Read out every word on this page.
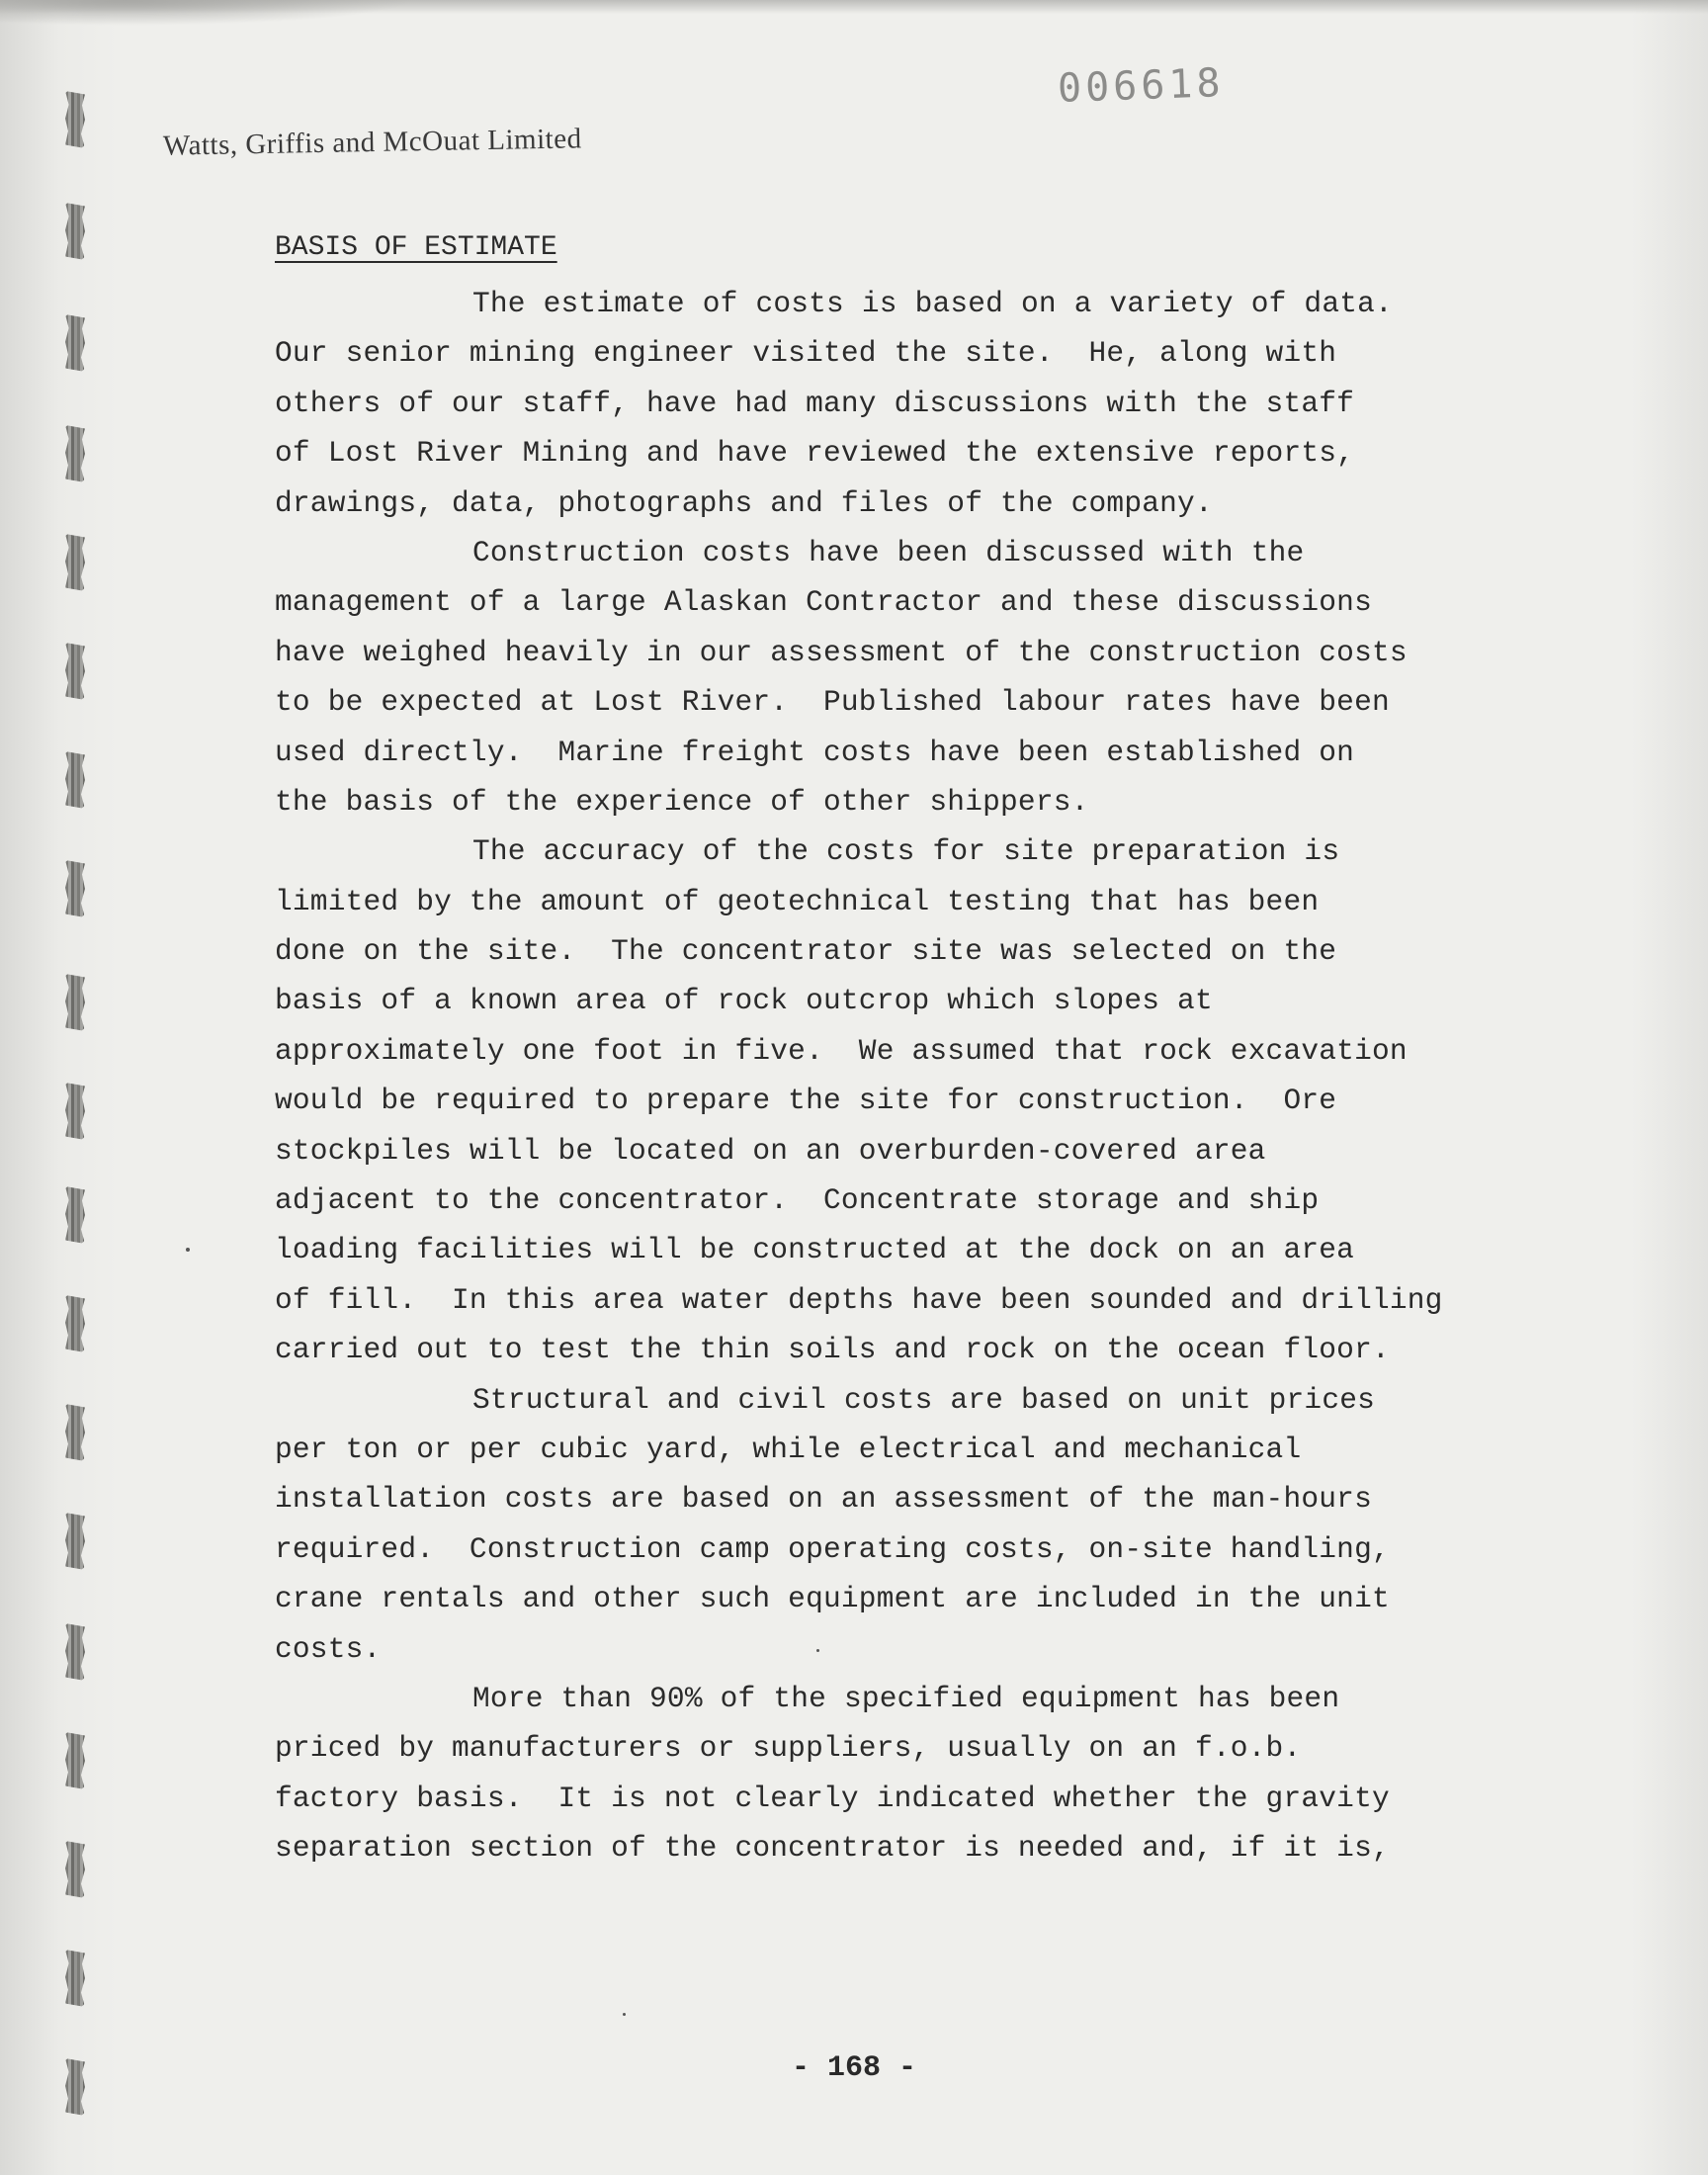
006618
Watts, Griffis and McOuat Limited
BASIS OF ESTIMATE
The estimate of costs is based on a variety of data.
Our senior mining engineer visited the site.  He, along with
others of our staff, have had many discussions with the staff
of Lost River Mining and have reviewed the extensive reports,
drawings, data, photographs and files of the company.
Construction costs have been discussed with the
management of a large Alaskan Contractor and these discussions
have weighed heavily in our assessment of the construction costs
to be expected at Lost River.  Published labour rates have been
used directly.  Marine freight costs have been established on
the basis of the experience of other shippers.
The accuracy of the costs for site preparation is
limited by the amount of geotechnical testing that has been
done on the site.  The concentrator site was selected on the
basis of a known area of rock outcrop which slopes at
approximately one foot in five.  We assumed that rock excavation
would be required to prepare the site for construction.  Ore
stockpiles will be located on an overburden-covered area
adjacent to the concentrator.  Concentrate storage and ship
loading facilities will be constructed at the dock on an area
of fill.  In this area water depths have been sounded and drilling
carried out to test the thin soils and rock on the ocean floor.
Structural and civil costs are based on unit prices
per ton or per cubic yard, while electrical and mechanical
installation costs are based on an assessment of the man-hours
required.  Construction camp operating costs, on-site handling,
crane rentals and other such equipment are included in the unit
costs.
More than 90% of the specified equipment has been
priced by manufacturers or suppliers, usually on an f.o.b.
factory basis.  It is not clearly indicated whether the gravity
separation section of the concentrator is needed and, if it is,
- 168 -
